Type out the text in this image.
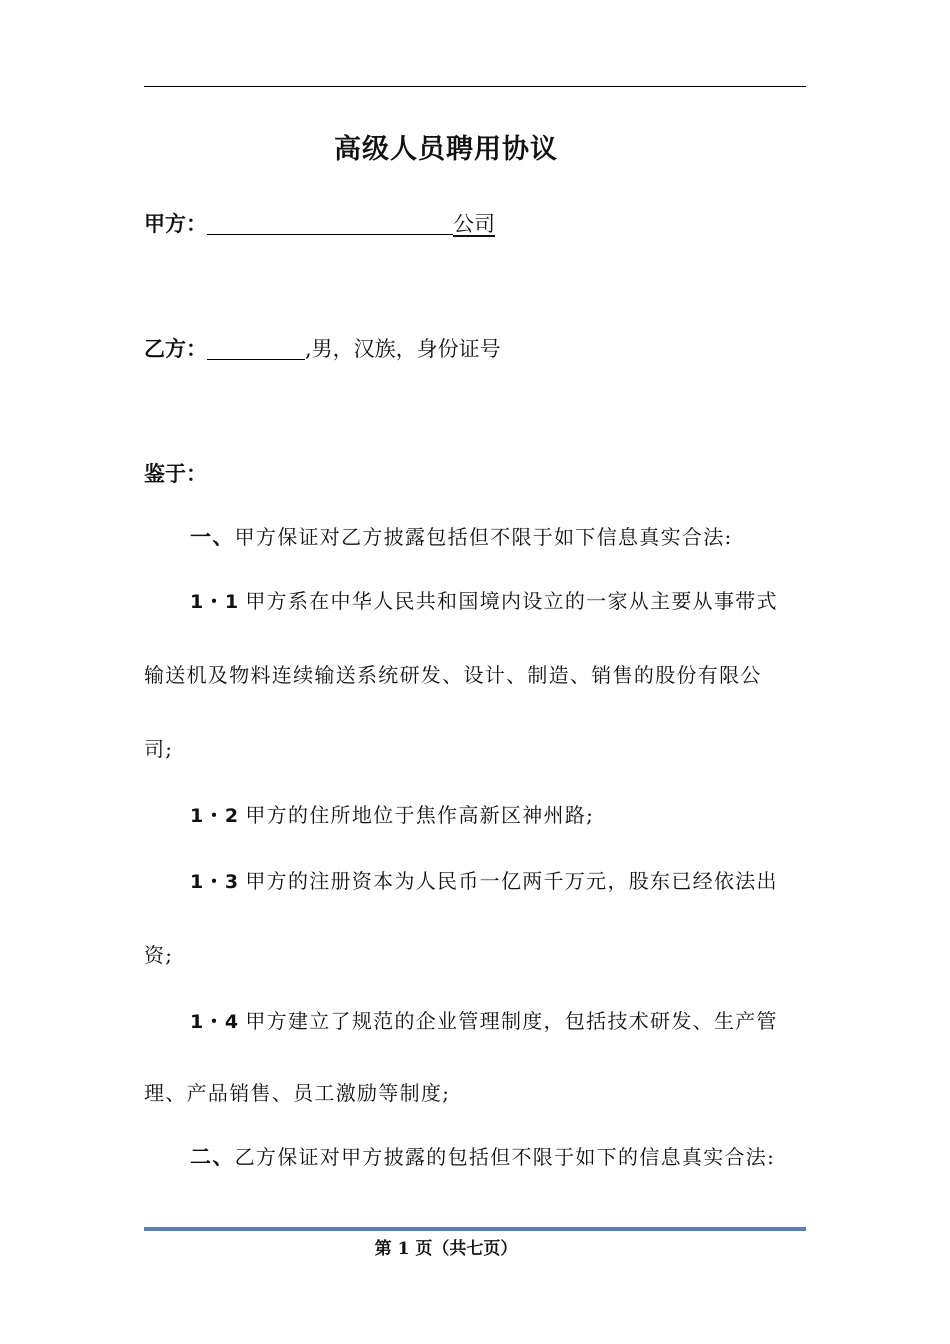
高级人员聘用协议
甲方：	公司
乙方：	,男，汉族，身份证号
鉴于：
一、甲方保证对乙方披露包括但不限于如下信息真实合法:
1・1 甲方系在中华人民共和国境内设立的一家从主要从事带式
输送机及物料连续输送系统研发、设计、制造、销售的股份有限公
司;
1・2 甲方的住所地位于焦作高新区神州路;
1・3 甲方的注册资本为人民币一亿两千万元，股东已经依法出
资;
1・4 甲方建立了规范的企业管理制度，包括技术研发、生产管
理、产品销售、员工激励等制度;
二、乙方保证对甲方披露的包括但不限于如下的信息真实合法:
第 1 页（共七页）
